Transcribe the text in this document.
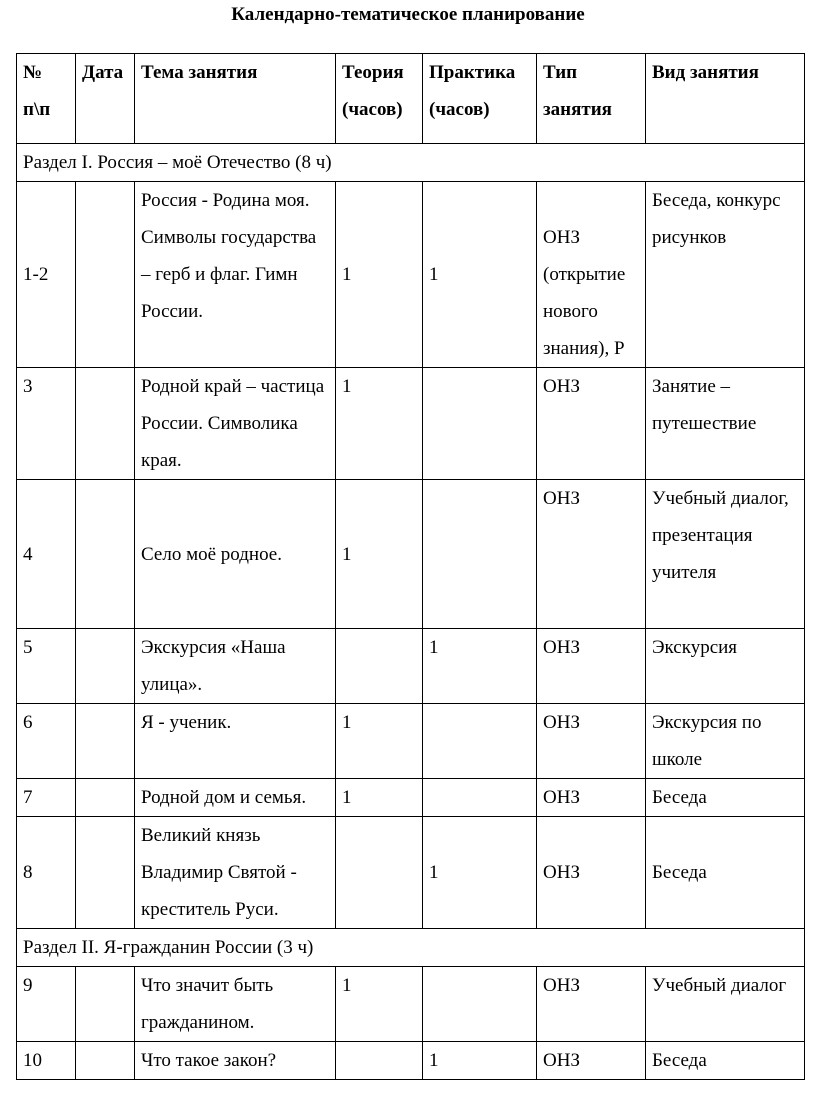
Календарно-тематическое планирование
№ п\п	Дата	Тема занятия	Теория (часов)	Практика (часов)	Тип занятия	Вид занятия
Раздел I. Россия – моё Отечество (8 ч)						
1-2		Россия - Родина моя. Символы государства – герб и флаг. Гимн России.	1	1	ОНЗ (открытие нового знания), Р	Беседа, конкурс рисунков
3		Родной край – частица России. Символика края.	1		ОНЗ	Занятие – путешествие
4		Село моё родное.	1		ОНЗ	Учебный диалог, презентация учителя
5		Экскурсия «Наша улица».		1	ОНЗ	Экскурсия
6		Я - ученик.	1		ОНЗ	Экскурсия по школе
7		Родной дом и семья.	1		ОНЗ	Беседа
8		Великий князь Владимир Святой - креститель Руси.		1	ОНЗ	Беседа
Раздел II. Я-гражданин России (3 ч)						
9		Что значит быть гражданином.	1		ОНЗ	Учебный диалог
10		Что такое закон?		1	ОНЗ	Беседа
